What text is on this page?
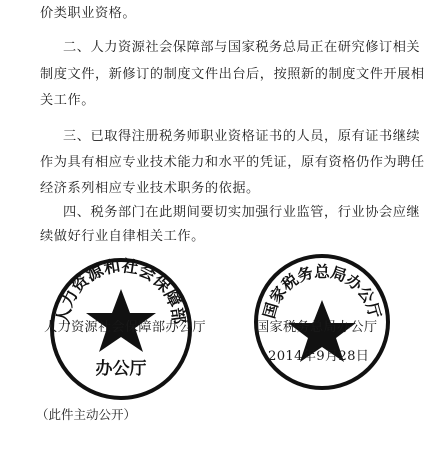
价类职业资格。
二、人力资源社会保障部与国家税务总局正在研究修订相关
制度文件，新修订的制度文件出台后，按照新的制度文件开展相
关工作。
三、已取得注册税务师职业资格证书的人员，原有证书继续
作为具有相应专业技术能力和水平的凭证，原有资格仍作为聘任
经济系列相应专业技术职务的依据。
四、税务部门在此期间要切实加强行业监管，行业协会应继
续做好行业自律相关工作。
人力资源和社会保障部
办公厅
国家税务总局办公厅
人力资源社会保障部办公厅	国家税务总局办公厅
2014年9月28日
（此件主动公开）
